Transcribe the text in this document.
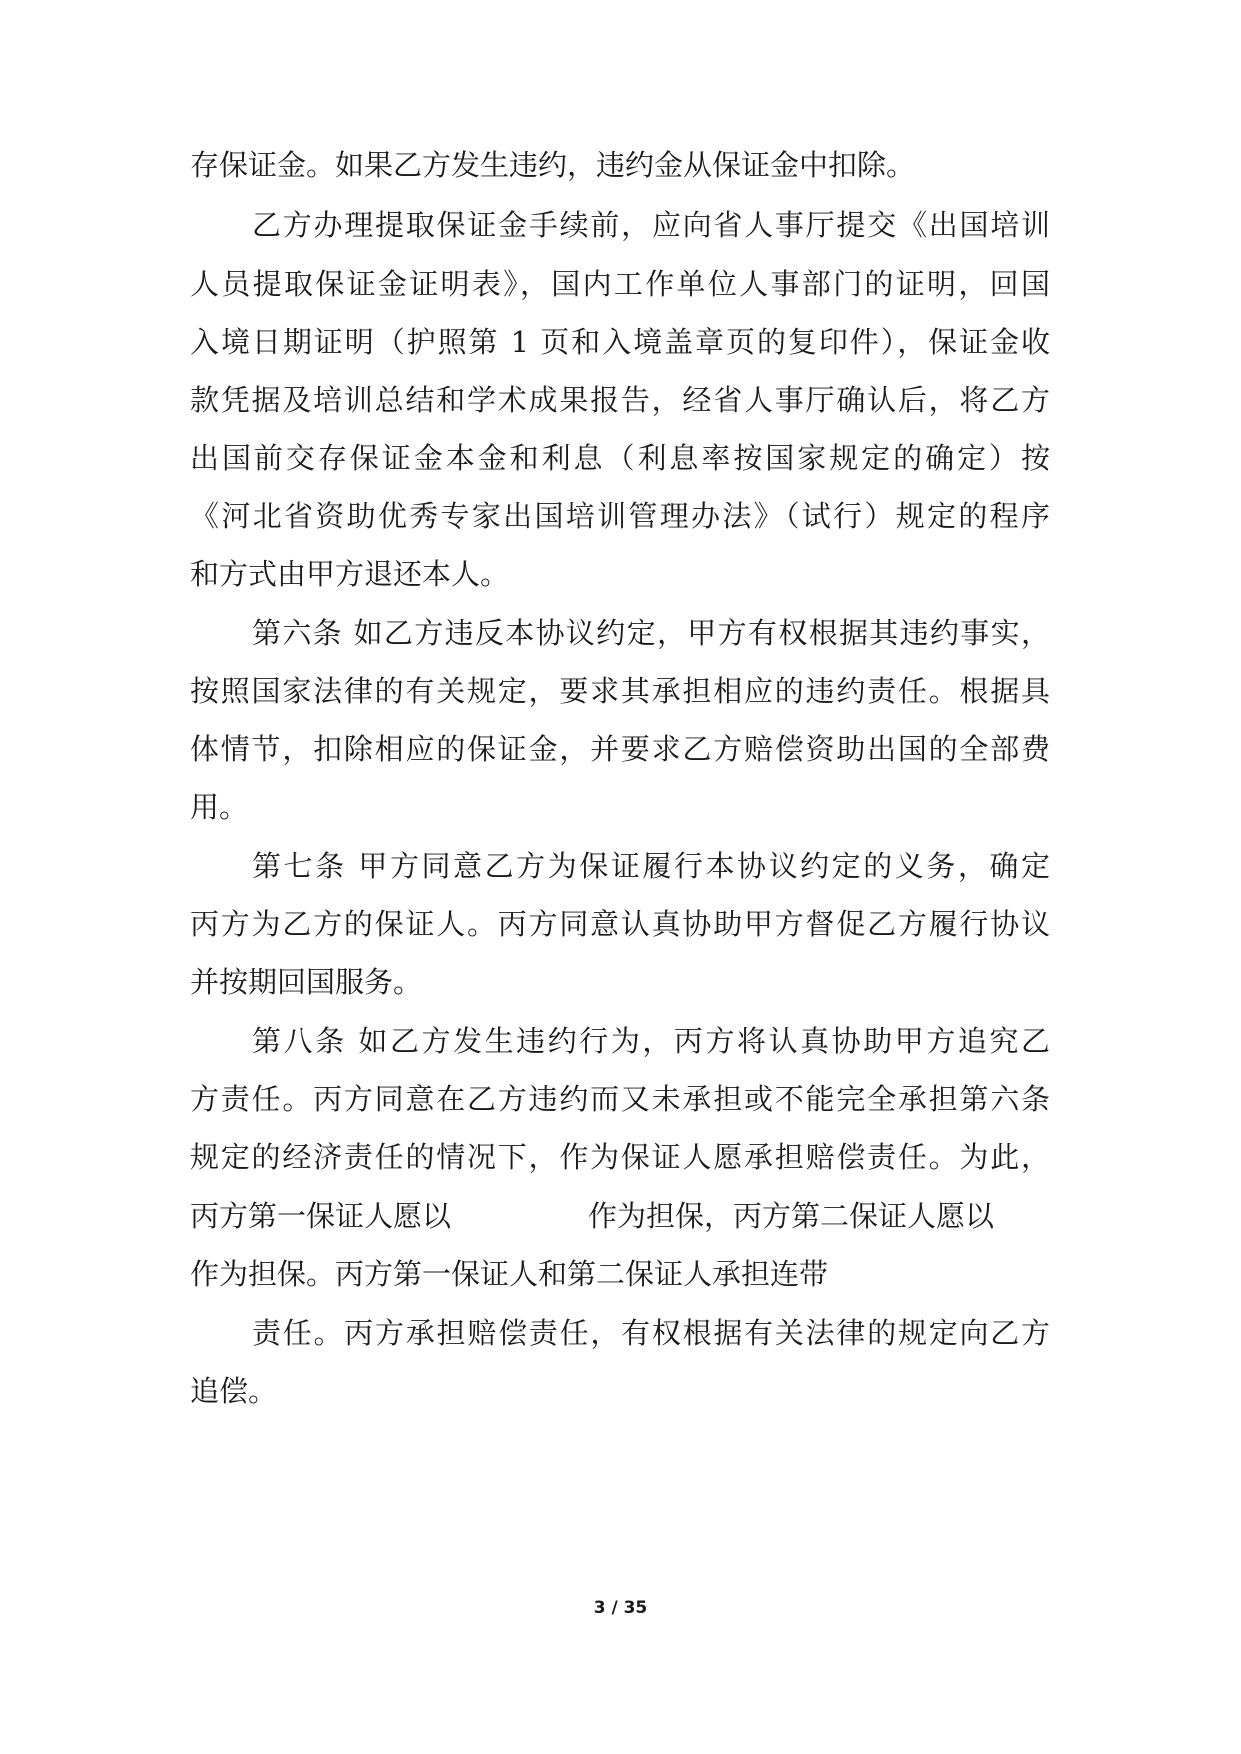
存保证金。如果乙方发生违约，违约金从保证金中扣除。
乙方办理提取保证金手续前，应向省人事厅提交《出国培训
人员提取保证金证明表》，国内工作单位人事部门的证明，回国
入境日期证明（护照第 1 页和入境盖章页的复印件），保证金收
款凭据及培训总结和学术成果报告，经省人事厅确认后，将乙方
出国前交存保证金本金和利息（利息率按国家规定的确定）按
《河北省资助优秀专家出国培训管理办法》（试行）规定的程序
和方式由甲方退还本人。
第六条 如乙方违反本协议约定，甲方有权根据其违约事实，
按照国家法律的有关规定，要求其承担相应的违约责任。根据具
体情节，扣除相应的保证金，并要求乙方赔偿资助出国的全部费
用。
第七条 甲方同意乙方为保证履行本协议约定的义务，确定
丙方为乙方的保证人。丙方同意认真协助甲方督促乙方履行协议
并按期回国服务。
第八条 如乙方发生违约行为，丙方将认真协助甲方追究乙
方责任。丙方同意在乙方违约而又未承担或不能完全承担第六条
规定的经济责任的情况下，作为保证人愿承担赔偿责任。为此，
丙方第一保证人愿以	作为担保，丙方第二保证人愿以
作为担保。丙方第一保证人和第二保证人承担连带
责任。丙方承担赔偿责任，有权根据有关法律的规定向乙方
追偿。
3 / 35
